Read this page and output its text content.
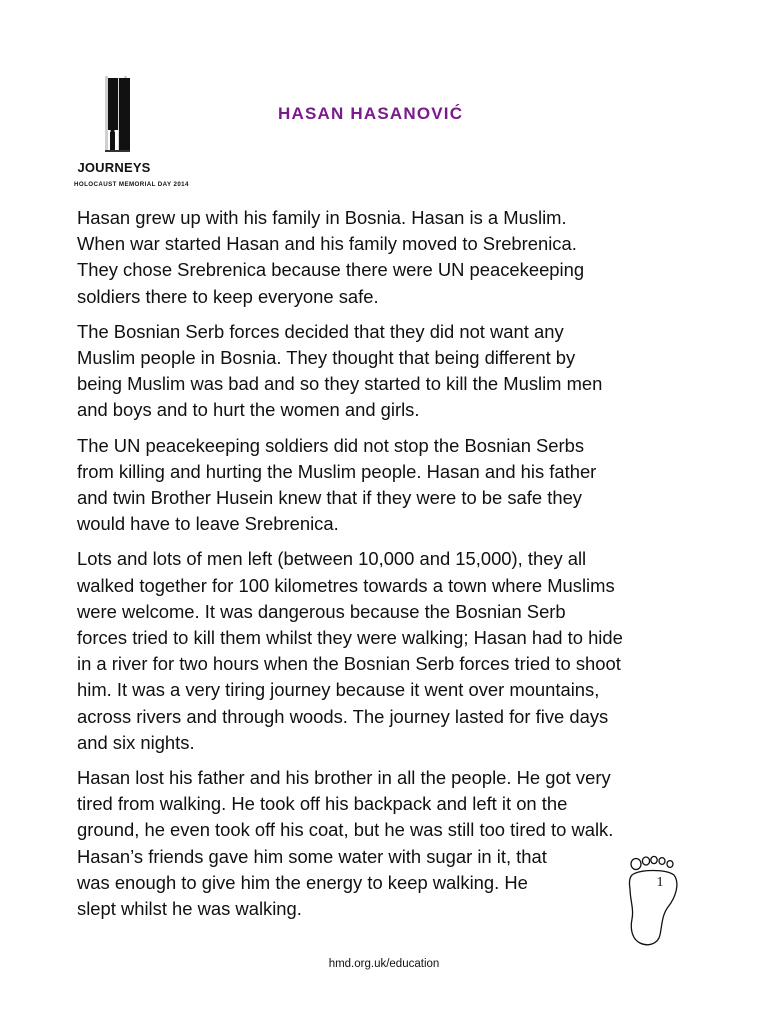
JOURNEYS
HOLOCAUST MEMORIAL DAY 2014
HASAN HASANOVIĆ

Hasan grew up with his family in Bosnia. Hasan is a Muslim.
When war started Hasan and his family moved to Srebrenica.
They chose Srebrenica because there were UN peacekeeping
soldiers there to keep everyone safe.

The Bosnian Serb forces decided that they did not want any
Muslim people in Bosnia. They thought that being different by
being Muslim was bad and so they started to kill the Muslim men
and boys and to hurt the women and girls.

The UN peacekeeping soldiers did not stop the Bosnian Serbs
from killing and hurting the Muslim people. Hasan and his father
and twin Brother Husein knew that if they were to be safe they
would have to leave Srebrenica.

Lots and lots of men left (between 10,000 and 15,000), they all
walked together for 100 kilometres towards a town where Muslims
were welcome. It was dangerous because the Bosnian Serb
forces tried to kill them whilst they were walking; Hasan had to hide
in a river for two hours when the Bosnian Serb forces tried to shoot
him. It was a very tiring journey because it went over mountains,
across rivers and through woods. The journey lasted for five days
and six nights.

Hasan lost his father and his brother in all the people. He got very
tired from walking. He took off his backpack and left it on the
ground, he even took off his coat, but he was still too tired to walk.
Hasan’s friends gave him some water with sugar in it, that
was enough to give him the energy to keep walking. He
slept whilst he was walking.

1
hmd.org.uk/education
